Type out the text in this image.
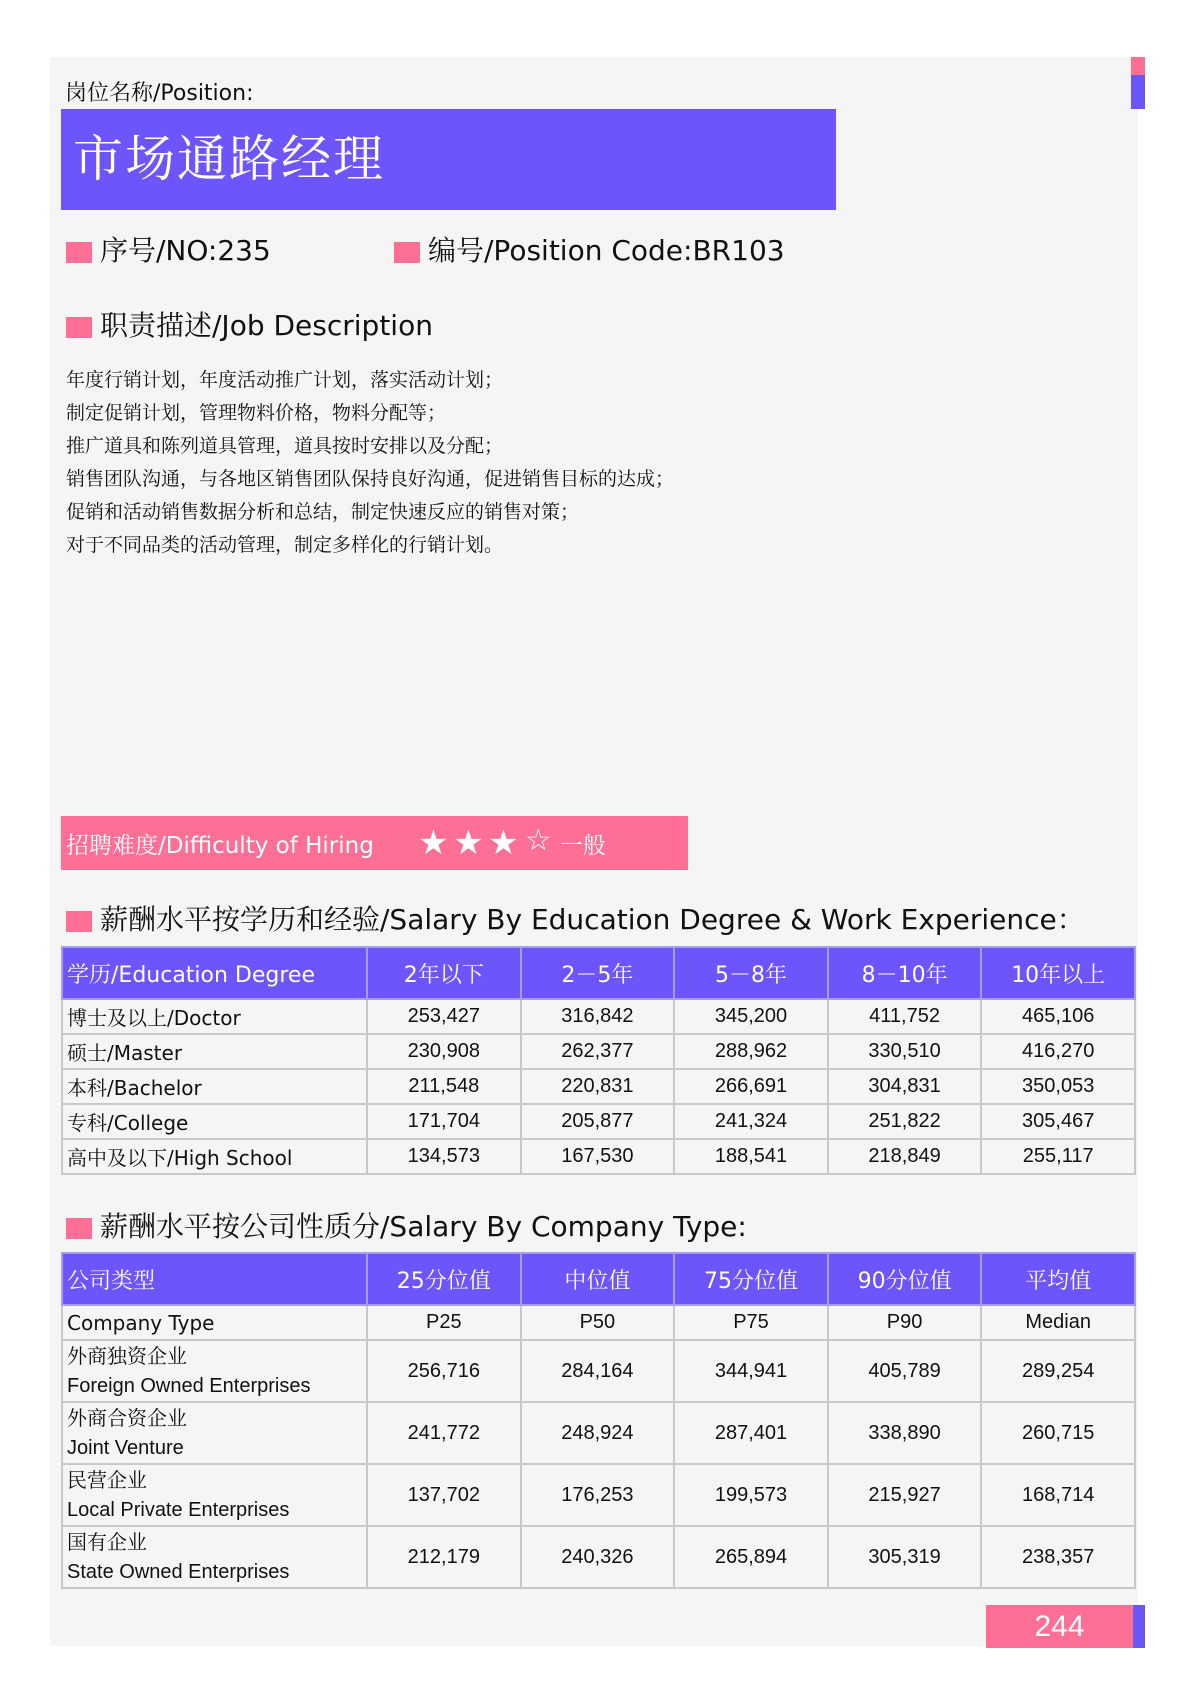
岗位名称/Position:
市场通路经理
序号/NO:235	编号/Position Code:BR103
职责描述/Job Description
年度行销计划，年度活动推广计划，落实活动计划；
制定促销计划，管理物料价格，物料分配等；
推广道具和陈列道具管理，道具按时安排以及分配；
销售团队沟通，与各地区销售团队保持良好沟通，促进销售目标的达成；
促销和活动销售数据分析和总结，制定快速反应的销售对策；
对于不同品类的活动管理，制定多样化的行销计划。
招聘难度/Difficulty of Hiring ★ ★ ★ ☆ 一般
薪酬水平按学历和经验/Salary By Education Degree & Work Experience：
学历/Education Degree	2年以下	2－5年	5－8年	8－10年	10年以上
博士及以上/Doctor	253,427	316,842	345,200	411,752	465,106
硕士/Master	230,908	262,377	288,962	330,510	416,270
本科/Bachelor	211,548	220,831	266,691	304,831	350,053
专科/College	171,704	205,877	241,324	251,822	305,467
高中及以下/High School	134,573	167,530	188,541	218,849	255,117
薪酬水平按公司性质分/Salary By Company Type:
公司类型	25分位值	中位值	75分位值	90分位值	平均值
Company Type	P25	P50	P75	P90	Median

外商独资企业
Foreign Owned Enterprises	256,716	284,164	344,941	405,789	289,254

外商合资企业
Joint Venture	241,772	248,924	287,401	338,890	260,715

民营企业
Local Private Enterprises	137,702	176,253	199,573	215,927	168,714

国有企业
State Owned Enterprises	212,179	240,326	265,894	305,319	238,357
244
